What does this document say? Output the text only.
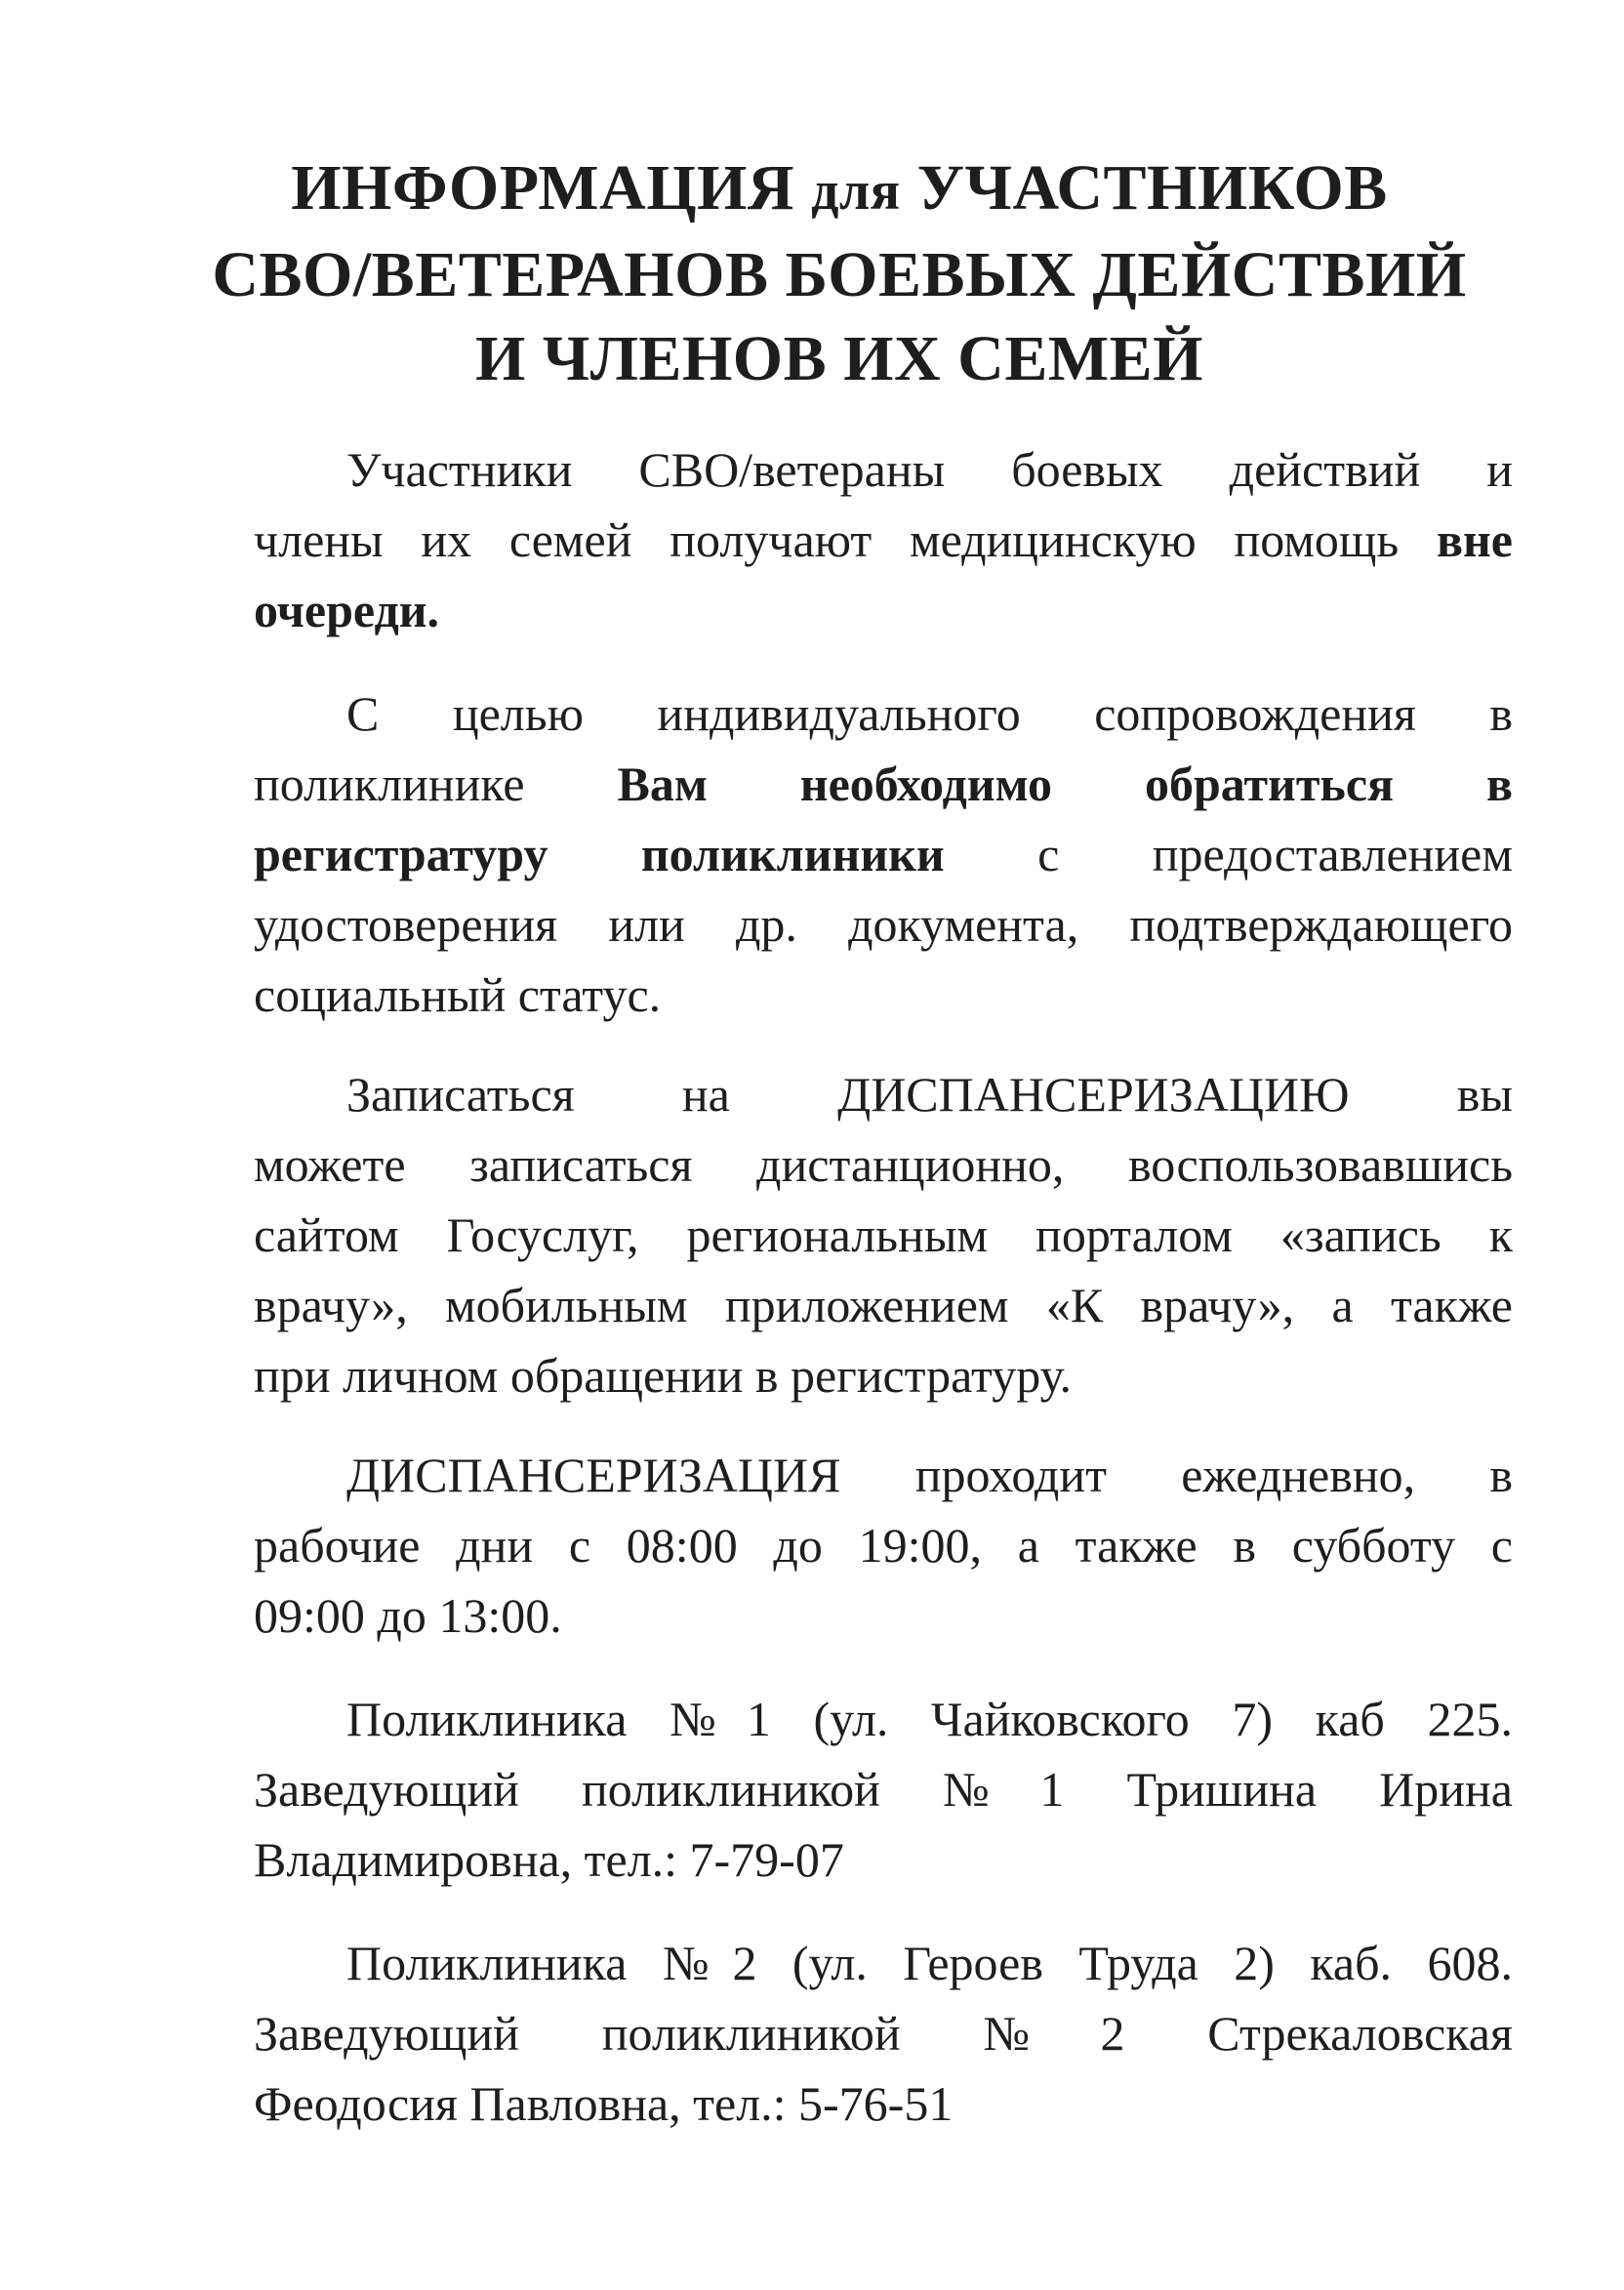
ИНФОРМАЦИЯ для УЧАСТНИКОВ
СВО/ВЕТЕРАНОВ БОЕВЫХ ДЕЙСТВИЙ
И ЧЛЕНОВ ИХ СЕМЕЙ
Участники СВО/ветераны боевых действий и
члены их семей получают медицинскую помощь вне
очереди.
С целью индивидуального сопровождения в
поликлинике Вам необходимо обратиться в
регистратуру поликлиники с предоставлением
удостоверения или др. документа, подтверждающего
социальный статус.
Записаться на ДИСПАНСЕРИЗАЦИЮ вы
можете записаться дистанционно, воспользовавшись
сайтом Госуслуг, региональным порталом «запись к
врачу», мобильным приложением «К врачу», а также
при личном обращении в регистратуру.
ДИСПАНСЕРИЗАЦИЯ проходит ежедневно, в
рабочие дни с 08:00 до 19:00, а также в субботу с
09:00 до 13:00.
Поликлиника №1 (ул. Чайковского 7) каб 225.
Заведующий поликлиникой №1 Тришина Ирина
Владимировна, тел.: 7-79-07
Поликлиника №2 (ул. Героев Труда 2) каб. 608.
Заведующий поликлиникой №2 Стрекаловская
Феодосия Павловна, тел.: 5-76-51
